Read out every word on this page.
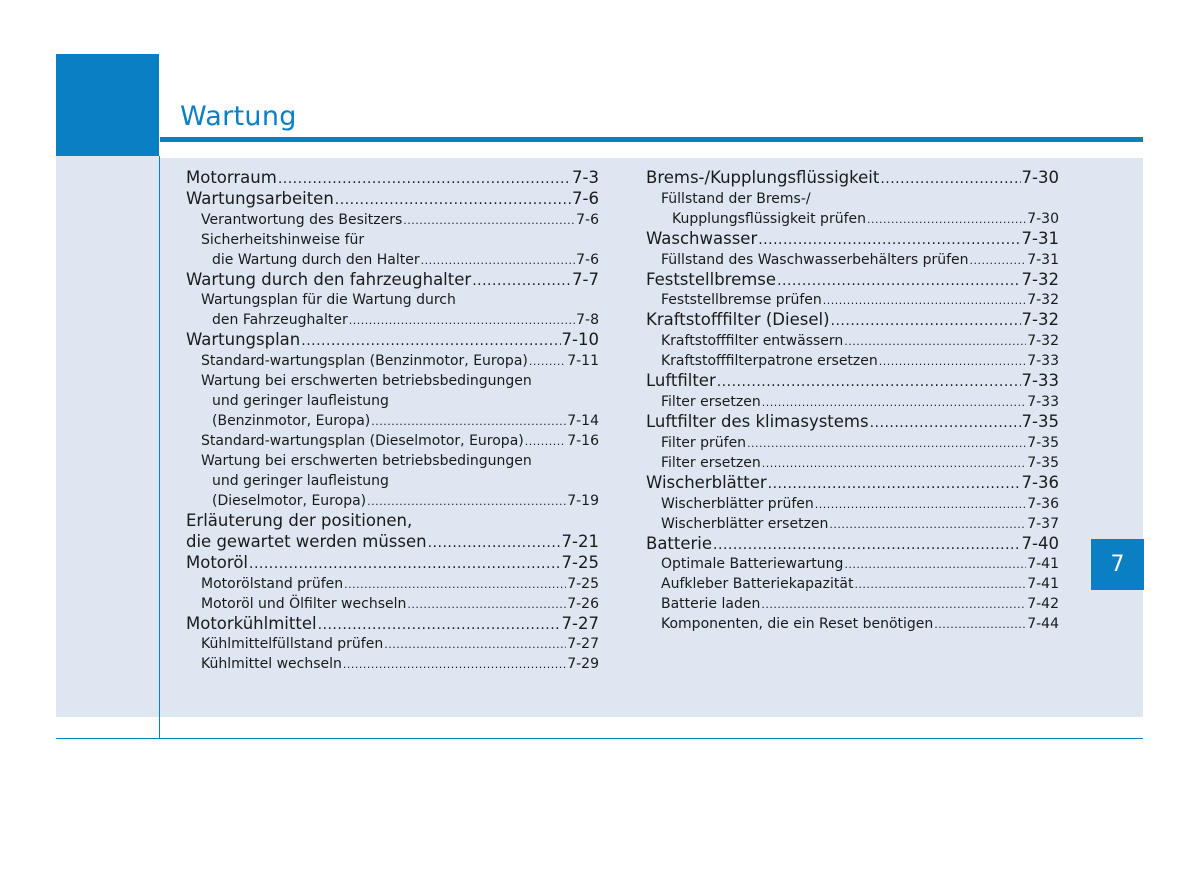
Wartung
7
Motorraum .....	7-3
Wartungsarbeiten .....	7-6
Verantwortung des Besitzers .....	7-6
Sicherheitshinweise für
die Wartung durch den Halter .....	7-6
Wartung durch den fahrzeughalter .....	7-7
Wartungsplan für die Wartung durch
den Fahrzeughalter .....	7-8
Wartungsplan .....	7-10
Standard-wartungsplan (Benzinmotor, Europa) .....	7-11
Wartung bei erschwerten betriebsbedingungen
und geringer laufleistung
(Benzinmotor, Europa) .....	7-14
Standard-wartungsplan (Dieselmotor, Europa) .....	7-16
Wartung bei erschwerten betriebsbedingungen
und geringer laufleistung
(Dieselmotor, Europa) .....	7-19
Erläuterung der positionen,
die gewartet werden müssen .....	7-21
Motoröl .....	7-25
Motorölstand prüfen .....	7-25
Motoröl und Ölfilter wechseln .....	7-26
Motorkühlmittel .....	7-27
Kühlmittelfüllstand prüfen .....	7-27
Kühlmittel wechseln .....	7-29
Brems-/Kupplungsflüssigkeit .....	7-30
Füllstand der Brems-/
Kupplungsflüssigkeit prüfen .....	7-30
Waschwasser .....	7-31
Füllstand des Waschwasserbehälters prüfen .....	7-31
Feststellbremse .....	7-32
Feststellbremse prüfen .....	7-32
Kraftstofffilter (Diesel) .....	7-32
Kraftstofffilter entwässern .....	7-32
Kraftstofffilterpatrone ersetzen .....	7-33
Luftfilter .....	7-33
Filter ersetzen .....	7-33
Luftfilter des klimasystems .....	7-35
Filter prüfen .....	7-35
Filter ersetzen .....	7-35
Wischerblätter .....	7-36
Wischerblätter prüfen .....	7-36
Wischerblätter ersetzen .....	7-37
Batterie .....	7-40
Optimale Batteriewartung .....	7-41
Aufkleber Batteriekapazität .....	7-41
Batterie laden .....	7-42
Komponenten, die ein Reset benötigen .....	7-44
